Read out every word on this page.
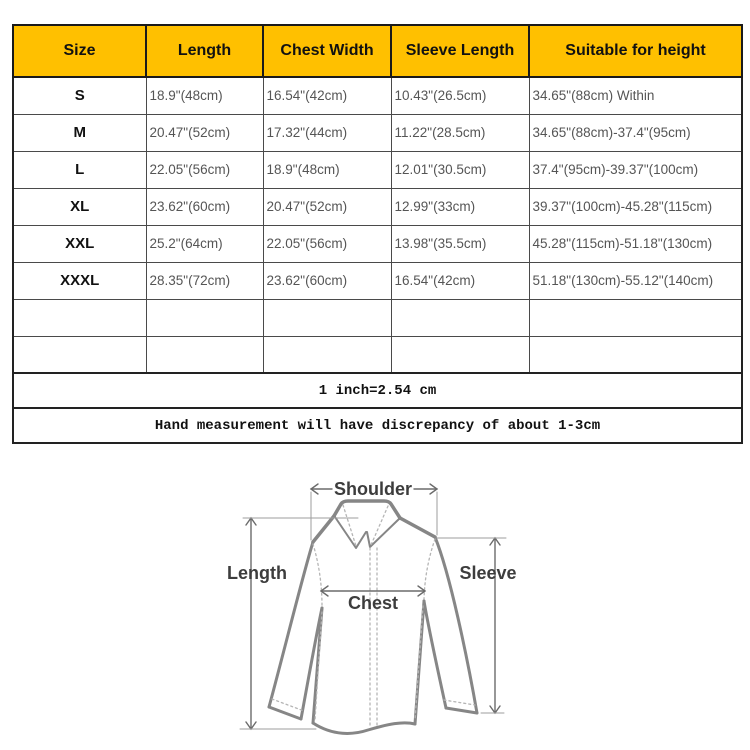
Size	Length	Chest Width	Sleeve Length	Suitable for height
S	18.9"(48cm)	16.54"(42cm)	10.43"(26.5cm)	34.65"(88cm) Within
M	20.47"(52cm)	17.32"(44cm)	11.22"(28.5cm)	34.65"(88cm)-37.4"(95cm)
L	22.05"(56cm)	18.9"(48cm)	12.01"(30.5cm)	37.4"(95cm)-39.37"(100cm)
XL	23.62"(60cm)	20.47"(52cm)	12.99"(33cm)	39.37"(100cm)-45.28"(115cm)
XXL	25.2"(64cm)	22.05"(56cm)	13.98"(35.5cm)	45.28"(115cm)-51.18"(130cm)
XXXL	28.35"(72cm)	23.62"(60cm)	16.54"(42cm)	51.18"(130cm)-55.12"(140cm)

1 inch=2.54 cm				
Hand measurement will have discrepancy of about 1-3cm				
Shoulder
Length	Sleeve
Chest
